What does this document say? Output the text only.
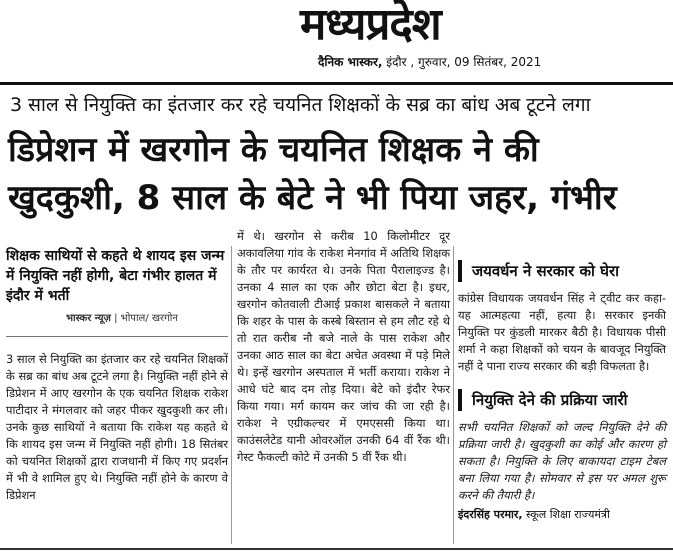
मध्यप्रदेश
दैनिक भास्कर, इंदौर , गुरुवार, 09 सितंबर, 2021
3 साल से नियुक्ति का इंतजार कर रहे चयनित शिक्षकों के सब्र का बांध अब टूटने लगा
डिप्रेशन में खरगोन के चयनित शिक्षक ने की
खुदकुशी, 8 साल के बेटे ने भी पिया जहर, गंभीर
शिक्षक साथियों से कहते थे शायद इस जन्म में नियुक्ति नहीं होगी, बेटा गंभीर हालत में इंदौर में भर्ती
भास्कर न्यूज़ | भोपाल/ खरगोन
3 साल से नियुक्ति का इंतजार कर रहे चयनित शिक्षकों के सब्र का बांध अब टूटने लगा है। नियुक्ति नहीं होने से डिप्रेशन में आए खरगोन के एक चयनित शिक्षक राकेश पाटीदार ने मंगलवार को जहर पीकर खुदकुशी कर ली। उनके कुछ साथियों ने बताया कि राकेश यह कहते थे कि शायद इस जन्म में नियुक्ति नहीं होगी। 18 सितंबर को चयनित शिक्षकों द्वारा राजधानी में किए गए प्रदर्शन में भी वे शामिल हुए थे। नियुक्ति नहीं होने के कारण वे डिप्रेशन
में थे। खरगोन से करीब 10 किलोमीटर दूर अकावलिया गांव के राकेश मेनगांव में अतिथि शिक्षक के तौर पर कार्यरत थे। उनके पिता पैरालाइज्ड है। उनका 4 साल का एक और छोटा बेटा है। इधर, खरगोन कोतवाली टीआई प्रकाश बासकले ने बताया कि शहर के पास के कस्बे बिस्तान से हम लौट रहे थे तो रात करीब नौ बजे नाले के पास राकेश और उनका आठ साल का बेटा अचेत अवस्था में पड़े मिले थे। इन्हें खरगोन अस्पताल में भर्ती कराया। राकेश ने आधे घंटे बाद दम तोड़ दिया। बेटे को इंदौर रेफर किया गया। मर्ग कायम कर जांच की जा रही है। राकेश ने एग्रीकल्चर में एमएससी किया था। काउंसलेटेड यानी ओवरऑल उनकी 64 वीं रैंक थी। गेस्ट फैकल्टी कोटे में उनकी 5 वीं रैंक थी।
जयवर्धन ने सरकार को घेरा
कांग्रेस विधायक जयवर्धन सिंह ने ट्वीट कर कहा- यह आत्महत्या नहीं, हत्या है। सरकार इनकी नियुक्ति पर कुंडली मारकर बैठी है। विधायक पीसी शर्मा ने कहा शिक्षकों को चयन के बावजूद नियुक्ति नहीं दे पाना राज्य सरकार की बड़ी विफलता है।
नियुक्ति देने की प्रक्रिया जारी
सभी चयनित शिक्षकों को जल्द नियुक्ति देने की प्रक्रिया जारी है। खुदकुशी का कोई और कारण हो सकता है। नियुक्ति के लिए बाकायदा टाइम टेबल बना लिया गया है। सोमवार से इस पर अमल शुरू करने की तैयारी है।
इंदरसिंह परमार, स्कूल शिक्षा राज्यमंत्री
